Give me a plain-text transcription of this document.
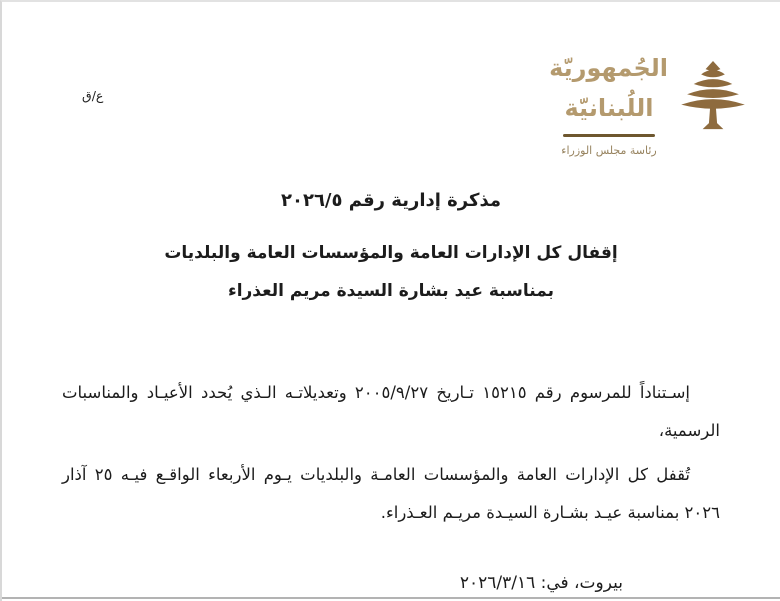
ع/ق
الجُمهوريّة
اللُبنانيّة
رئاسة مجلس الوزراء
مذكرة إدارية رقم ٢٠٢٦/٥
إقفال كل الإدارات العامة والمؤسسات العامة والبلديات
بمناسبة عيد بشارة السيدة مريم العذراء

إسـتناداً للمرسوم رقم ١٥٢١٥ تـاريخ ٢٠٠٥/٩/٢٧ وتعديلاتـه الـذي يُحدد الأعيـاد والمناسبات الرسمية،

تُقفل كل الإدارات العامة والمؤسسات العامـة والبلديات يـوم الأربعاء الواقـع فيـه ٢٥ آذار ٢٠٢٦ بمناسبة عيـد بشـارة السيـدة مريـم العـذراء.

بيروت، في: ٢٠٢٦/٣/١٦
